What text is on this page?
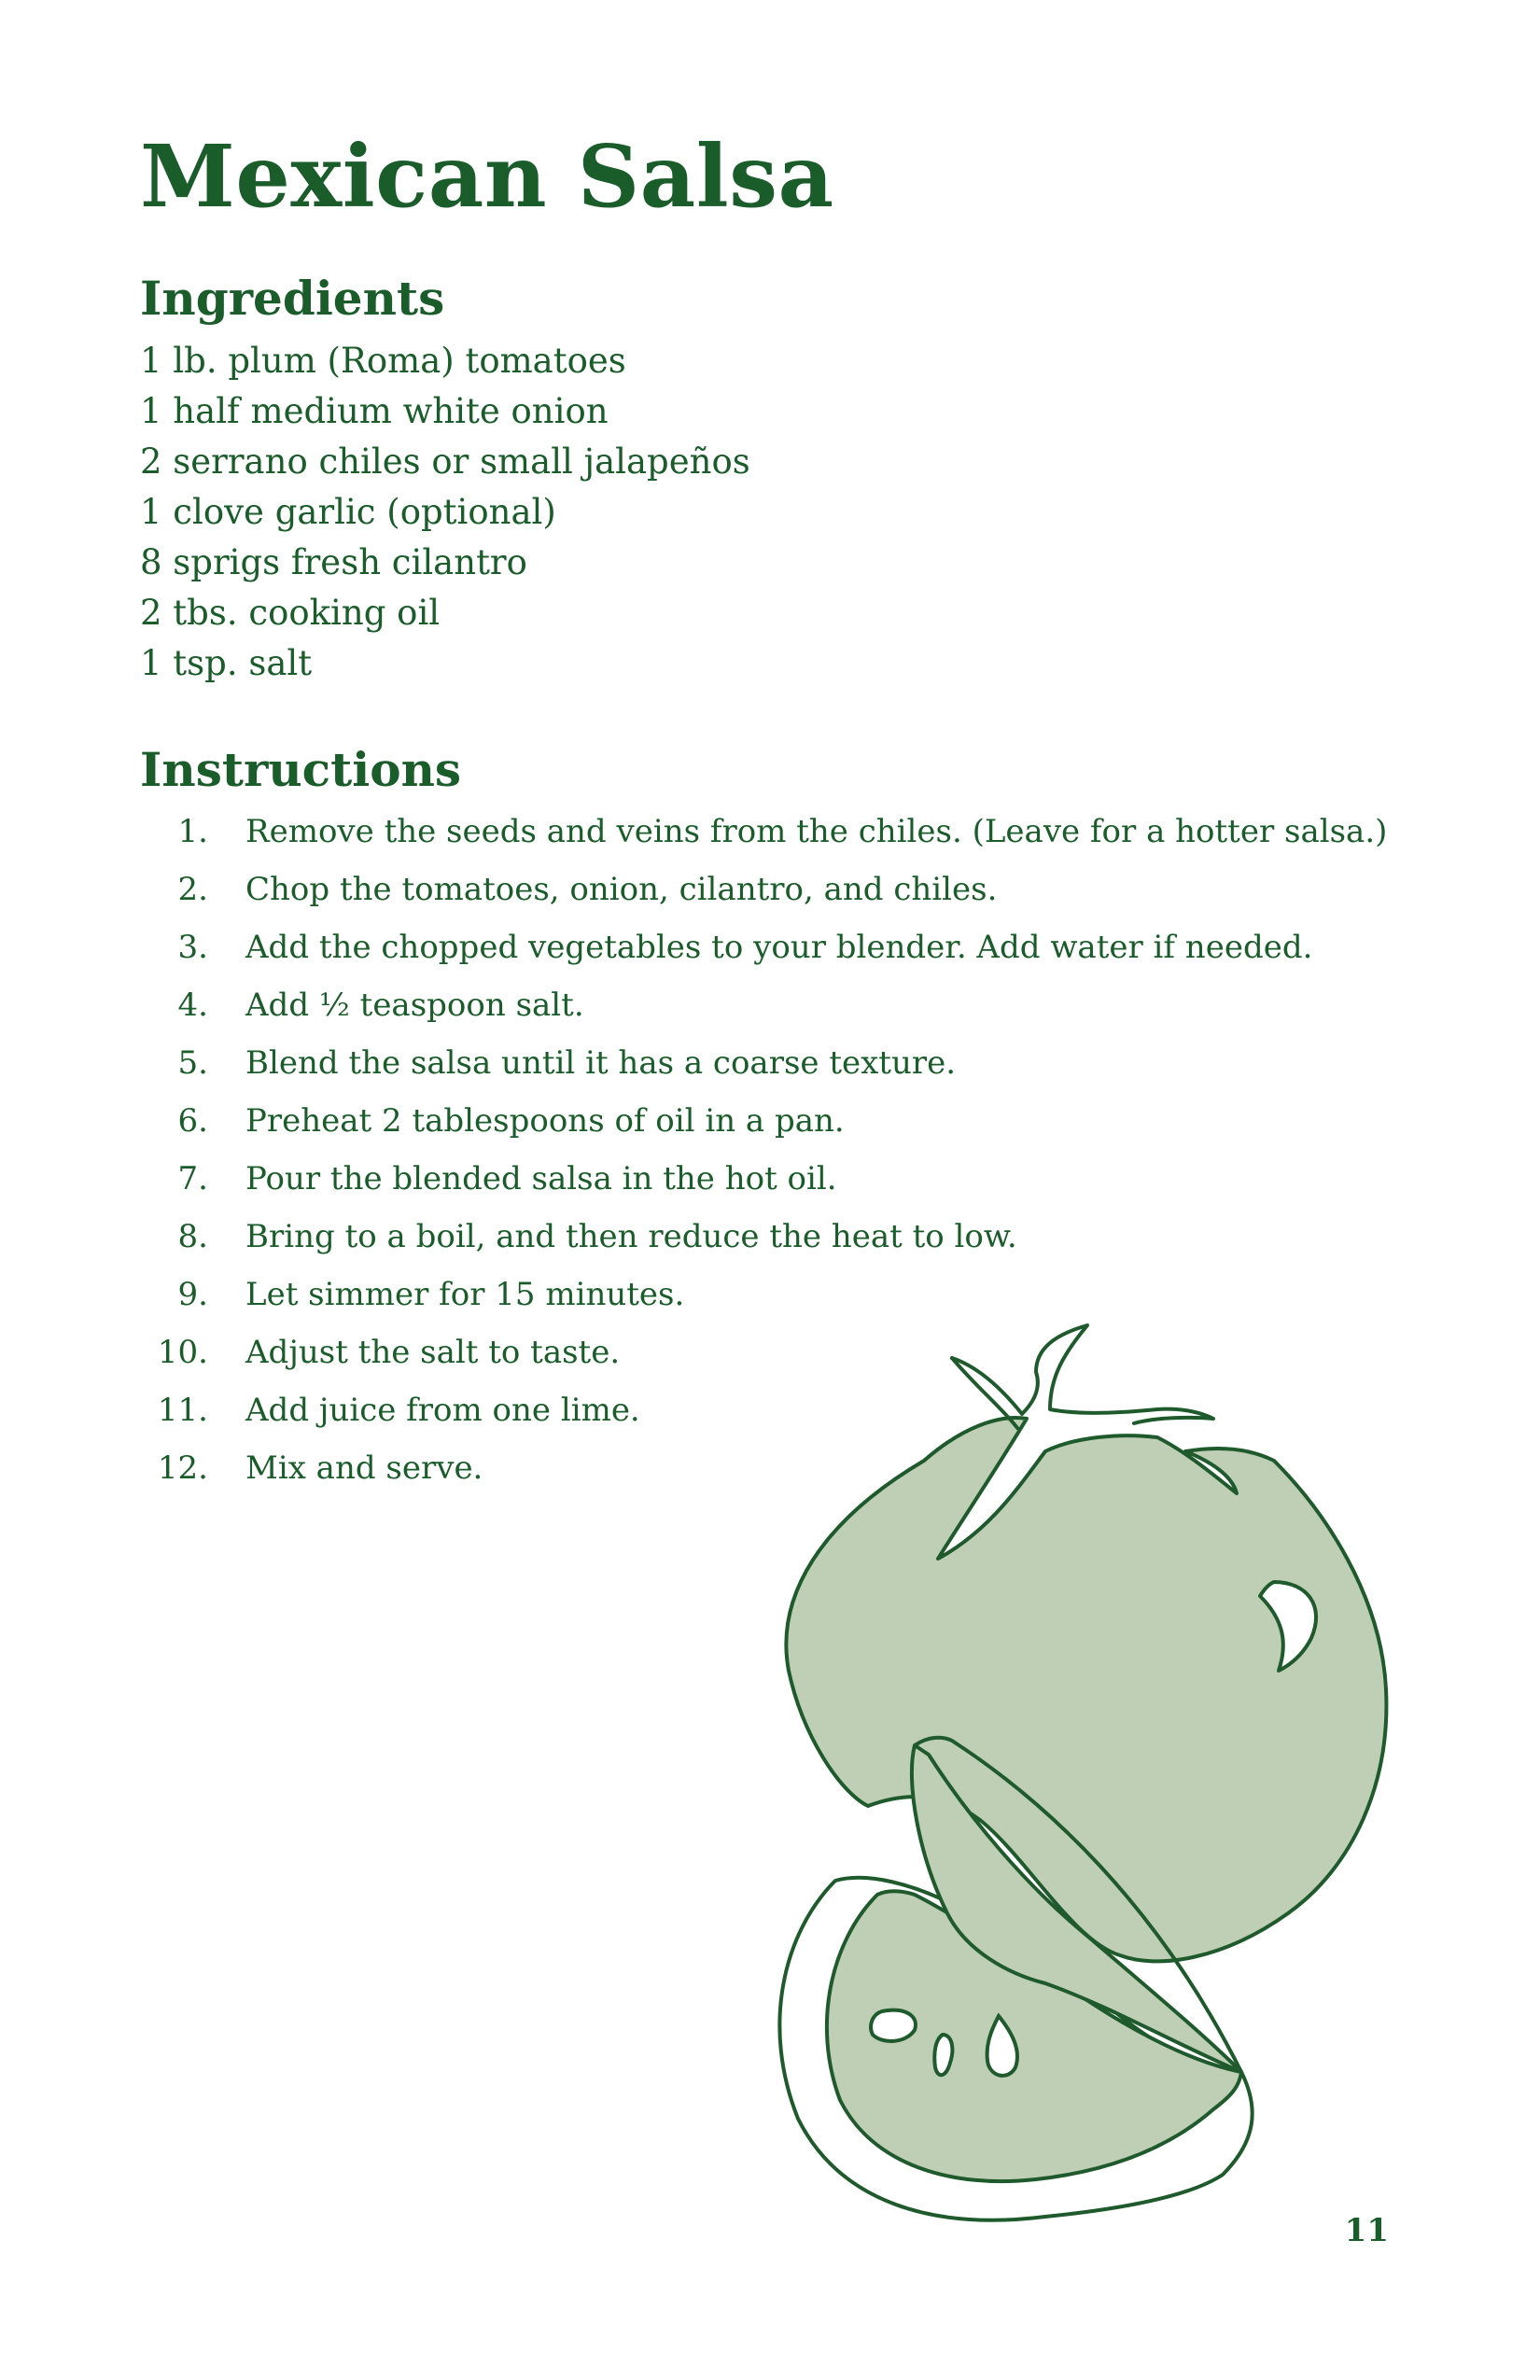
Mexican Salsa
Ingredients
1 lb. plum (Roma) tomatoes
1 half medium white onion
2 serrano chiles or small jalapeños
1 clove garlic (optional)
8 sprigs fresh cilantro
2 tbs. cooking oil
1 tsp. salt
Instructions
1. Remove the seeds and veins from the chiles. (Leave for a hotter salsa.)
2. Chop the tomatoes, onion, cilantro, and chiles.
3. Add the chopped vegetables to your blender. Add water if needed.
4. Add ½ teaspoon salt.
5. Blend the salsa until it has a coarse texture.
6. Preheat 2 tablespoons of oil in a pan.
7. Pour the blended salsa in the hot oil.
8. Bring to a boil, and then reduce the heat to low.
9. Let simmer for 15 minutes.
10. Adjust the salt to taste.
11. Add juice from one lime.
12. Mix and serve.
11
